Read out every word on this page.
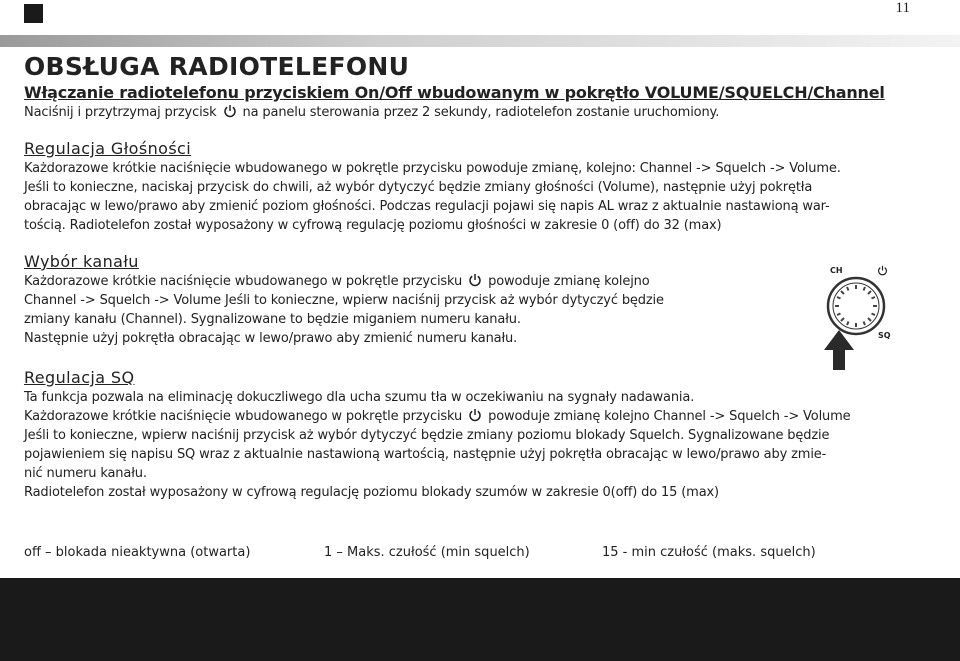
11
OBSŁUGA RADIOTELEFONU

Włączanie radiotelefonu przyciskiem On/Off wbudowanym w pokrętło VOLUME/SQUELCH/Channel

Naciśnij i przytrzymaj przycisk na panelu sterowania przez 2 sekundy, radiotelefon zostanie uruchomiony.

Regulacja Głośności

Każdorazowe krótkie naciśnięcie wbudowanego w pokrętle przycisku powoduje zmianę, kolejno: Channel -> Squelch -> Volume.

Jeśli to konieczne, naciskaj przycisk do chwili, aż wybór dytyczyć będzie zmiany głośności (Volume), następnie użyj pokrętła

obracając w lewo/prawo aby zmienić poziom głośności. Podczas regulacji pojawi się napis AL wraz z aktualnie nastawioną war-

tością. Radiotelefon został wyposażony w cyfrową regulację poziomu głośności w zakresie 0 (off) do 32 (max)

Wybór kanału

Każdorazowe krótkie naciśnięcie wbudowanego w pokrętle przycisku powoduje zmianę kolejno

Channel -> Squelch -> Volume Jeśli to konieczne, wpierw naciśnij przycisk aż wybór dytyczyć będzie

zmiany kanału (Channel). Sygnalizowane to będzie miganiem numeru kanału.

Następnie użyj pokrętła obracając w lewo/prawo aby zmienić numeru kanału.

Regulacja SQ

Ta funkcja pozwala na eliminację dokuczliwego dla ucha szumu tła w oczekiwaniu na sygnały nadawania.

Każdorazowe krótkie naciśnięcie wbudowanego w pokrętle przycisku powoduje zmianę kolejno Channel -> Squelch -> Volume

Jeśli to konieczne, wpierw naciśnij przycisk aż wybór dytyczyć będzie zmiany poziomu blokady Squelch. Sygnalizowane będzie

pojawieniem się napisu SQ wraz z aktualnie nastawioną wartością, następnie użyj pokrętła obracając w lewo/prawo aby zmie-

nić numeru kanału.

Radiotelefon został wyposażony w cyfrową regulację poziomu blokady szumów w zakresie 0(off) do 15 (max)

off – blokada nieaktywna (otwarta)	1 – Maks. czułość (min squelch)	15 - min czułość (maks. squelch)
CH
SQ
